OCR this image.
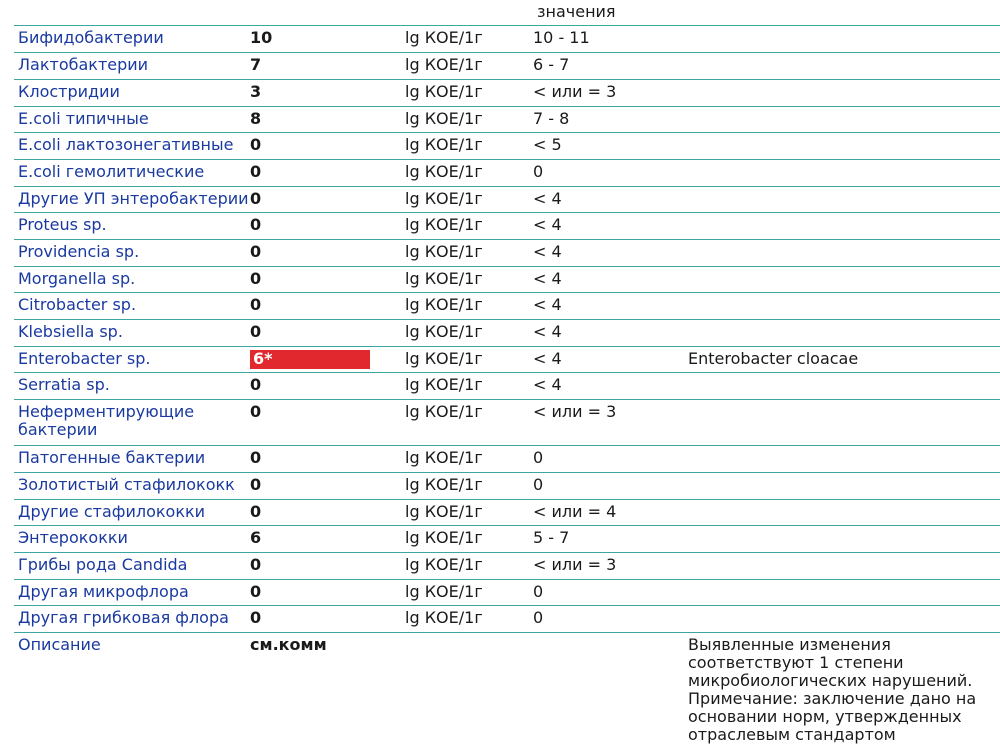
значения
Бифидобактерии	10	lg КОЕ/1г	10 - 11	
Лактобактерии	7	lg КОЕ/1г	6 - 7	
Клостридии	3	lg КОЕ/1г	< или = 3	
E.coli типичные	8	lg КОЕ/1г	7 - 8	
E.coli лактозонегативные	0	lg КОЕ/1г	< 5	
E.coli гемолитические	0	lg КОЕ/1г	0	
Другие УП энтеробактерии	0	lg КОЕ/1г	< 4	
Proteus sp.	0	lg КОЕ/1г	< 4	
Providencia sp.	0	lg КОЕ/1г	< 4	
Morganella sp.	0	lg КОЕ/1г	< 4	
Citrobacter sp.	0	lg КОЕ/1г	< 4	
Klebsiella sp.	0	lg КОЕ/1г	< 4	
Enterobacter sp.	6*	lg КОЕ/1г	< 4	Enterobacter cloacae
Serratia sp.	0	lg КОЕ/1г	< 4	
Неферментирующие бактерии	0	lg КОЕ/1г	< или = 3	
Патогенные бактерии	0	lg КОЕ/1г	0	
Золотистый стафилококк	0	lg КОЕ/1г	0	
Другие стафилококки	0	lg КОЕ/1г	< или = 4	
Энтерококки	6	lg КОЕ/1г	5 - 7	
Грибы рода Candida	0	lg КОЕ/1г	< или = 3	
Другая микрофлора	0	lg КОЕ/1г	0	
Другая грибковая флора	0	lg КОЕ/1г	0	
Описание	см.комм			Выявленные изменения соответствуют 1 степени микробиологических нарушений. Примечание: заключение дано на основании норм, утвержденных отраслевым стандартом
